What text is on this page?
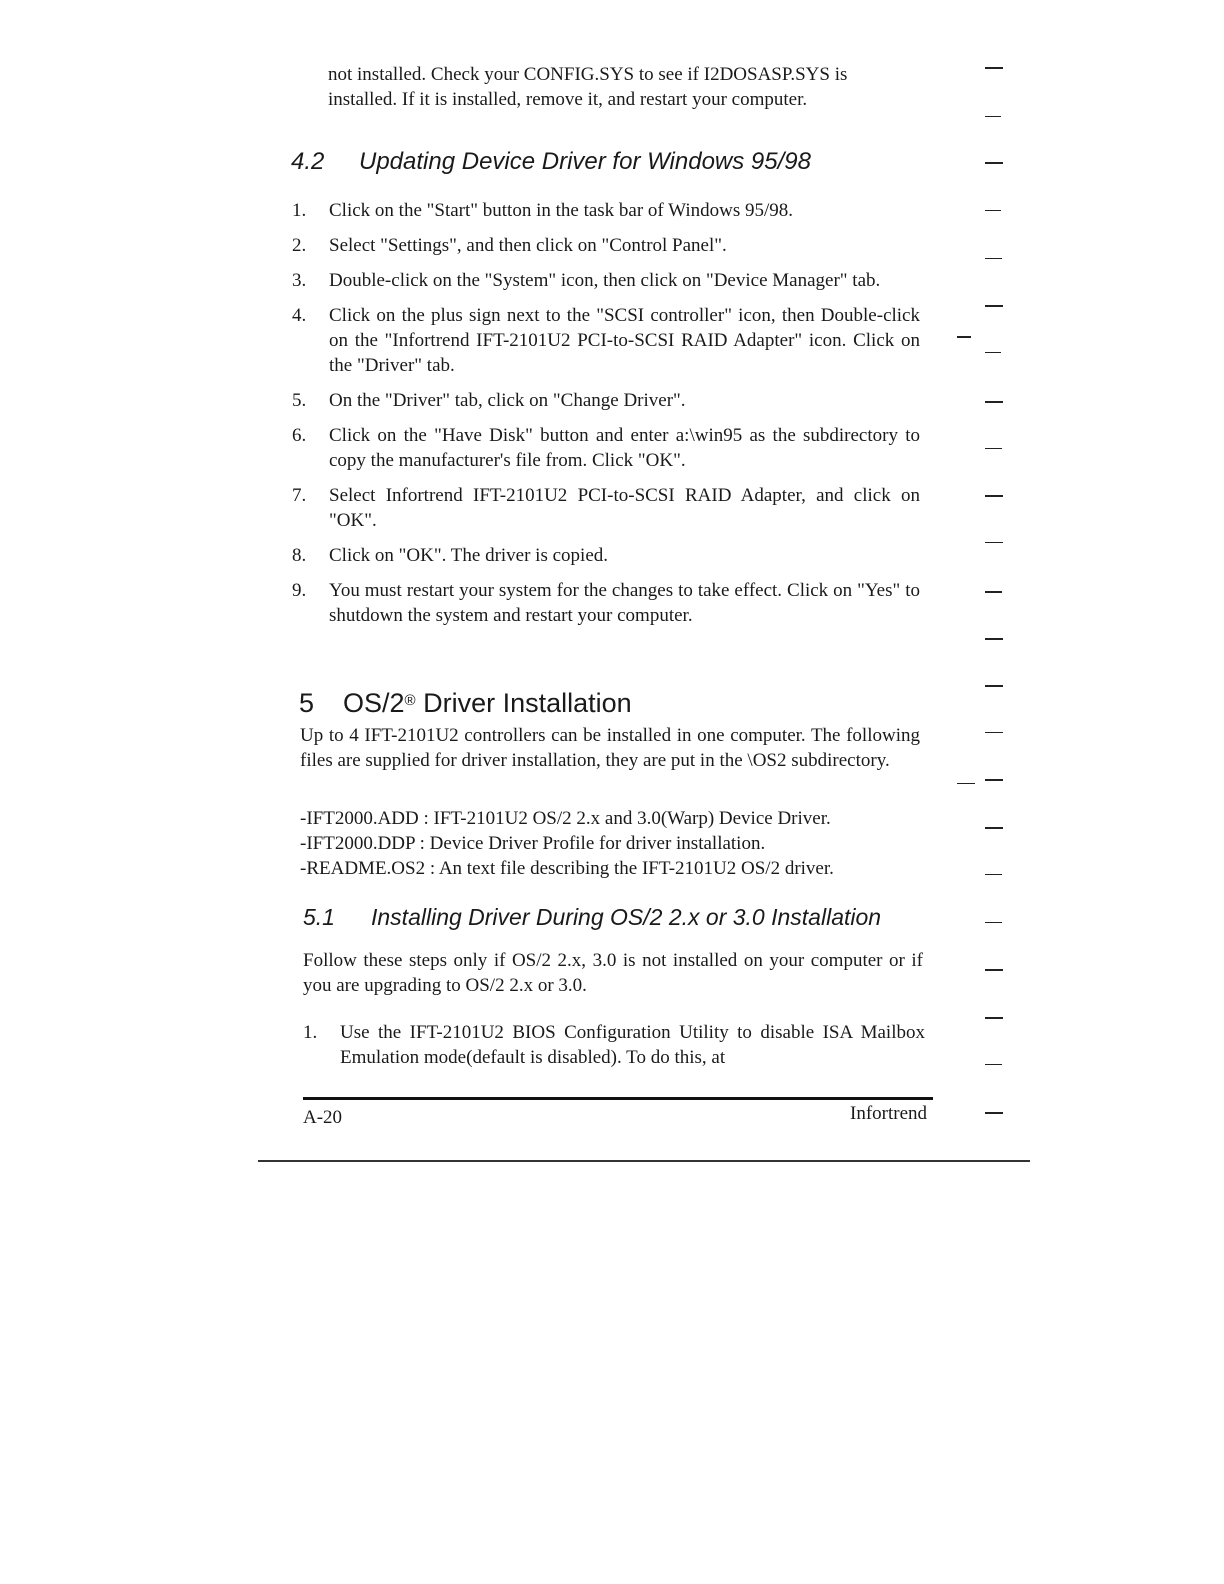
not installed. Check your CONFIG.SYS to see if I2DOSASP.SYS is
installed. If it is installed, remove it, and restart your computer.
4.2 Updating Device Driver for Windows 95/98
1. Click on the "Start" button in the task bar of Windows 95/98.
2. Select "Settings", and then click on "Control Panel".
3. Double-click on the "System" icon, then click on "Device Manager" tab.
4. Click on the plus sign next to the "SCSI controller" icon, then Double-click on the "Infortrend IFT-2101U2 PCI-to-SCSI RAID Adapter" icon. Click on the "Driver" tab.
5. On the "Driver" tab, click on "Change Driver".
6. Click on the "Have Disk" button and enter a:\win95 as the subdirectory to copy the manufacturer's file from. Click "OK".
7. Select Infortrend IFT-2101U2 PCI-to-SCSI RAID Adapter, and click on "OK".
8. Click on "OK". The driver is copied.
9. You must restart your system for the changes to take effect. Click on "Yes" to shutdown the system and restart your computer.
5 OS/2® Driver Installation
Up to 4 IFT-2101U2 controllers can be installed in one computer. The following files are supplied for driver installation, they are put in the \OS2 subdirectory.
-IFT2000.ADD : IFT-2101U2 OS/2 2.x and 3.0(Warp) Device Driver.
-IFT2000.DDP : Device Driver Profile for driver installation.
-README.OS2 : An text file describing the IFT-2101U2 OS/2 driver.
5.1 Installing Driver During OS/2 2.x or 3.0 Installation
Follow these steps only if OS/2 2.x, 3.0 is not installed on your computer or if you are upgrading to OS/2 2.x or 3.0.
1. Use the IFT-2101U2 BIOS Configuration Utility to disable ISA Mailbox Emulation mode(default is disabled). To do this, at
A-20	Infortrend
